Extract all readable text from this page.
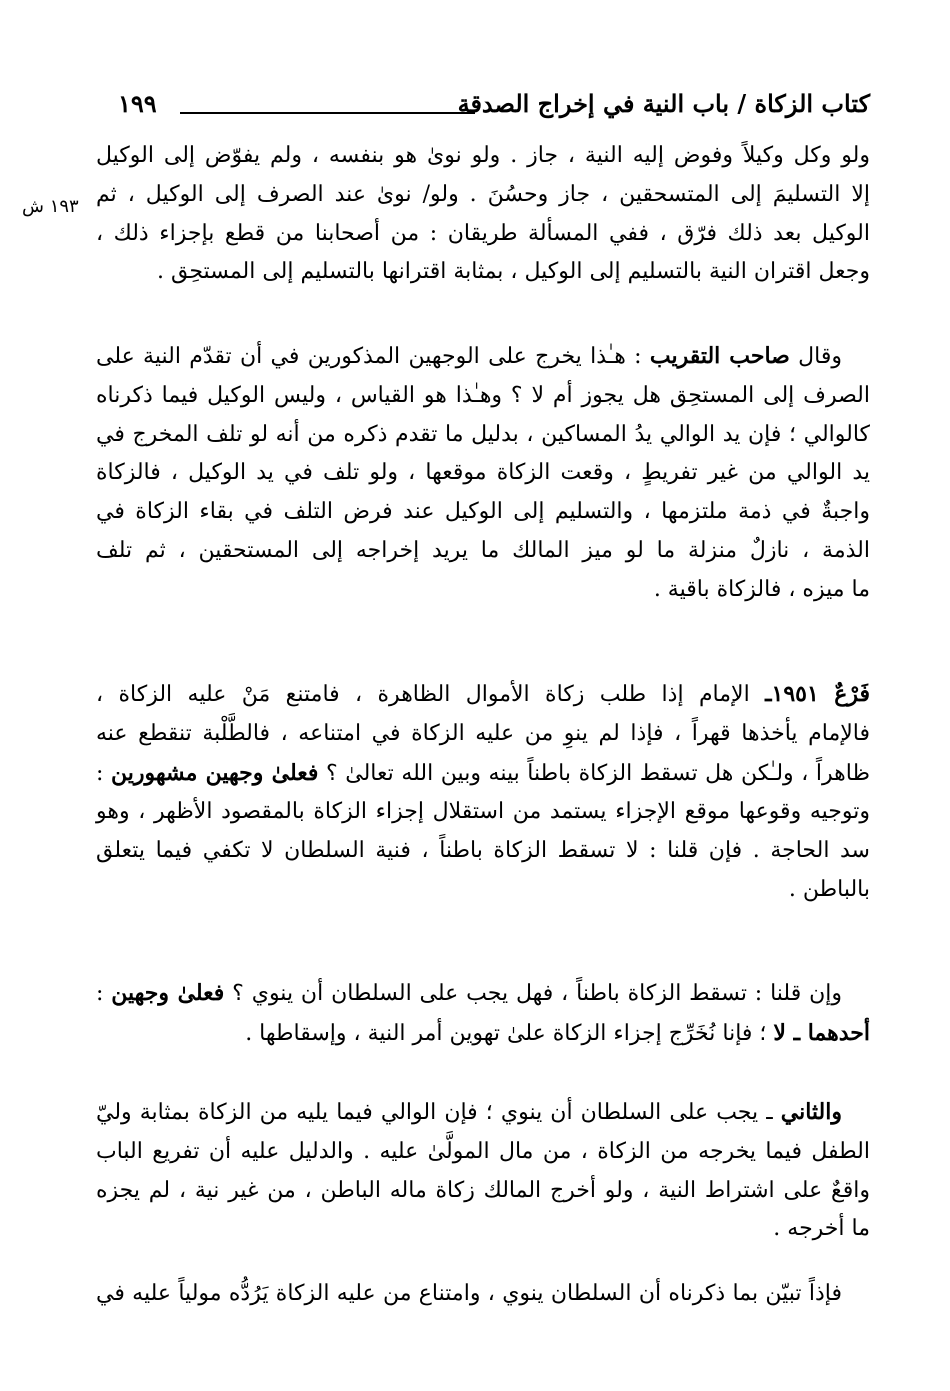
كتاب الزكاة / باب النية في إخراج الصدقة
١٩٩
١٩٣ ش
ولو وكل وكيلاً وفوض إليه النية ، جاز . ولو نوىٰ هو بنفسه ، ولم يفوّض إلى الوكيل
إلا التسليمَ إلى المتسحقين ، جاز وحسُنَ . ولو/ نوىٰ عند الصرف إلى الوكيل ، ثم
الوكيل بعد ذلك فرّق ، ففي المسألة طريقان : من أصحابنا من قطع بإجزاء ذلك ،
وجعل اقتران النية بالتسليم إلى الوكيل ، بمثابة اقترانها بالتسليم إلى المستحِق .
وقال صاحب التقريب : هـٰذا يخرج على الوجهين المذكورين في أن تقدّم النية على
الصرف إلى المستحِق هل يجوز أم لا ؟ وهـٰذا هو القياس ، وليس الوكيل فيما ذكرناه
كالوالي ؛ فإن يد الوالي يدُ المساكين ، بدليل ما تقدم ذكره من أنه لو تلف المخرج في
يد الوالي من غير تفريطٍ ، وقعت الزكاة موقعها ، ولو تلف في يد الوكيل ، فالزكاة
واجبةٌ في ذمة ملتزمها ، والتسليم إلى الوكيل عند فرض التلف في بقاء الزكاة في
الذمة ، نازلٌ منزلة ما لو ميز المالك ما يريد إخراجه إلى المستحقين ، ثم تلف
ما ميزه ، فالزكاة باقية .
فَرْعٌ ١٩٥١ـ الإمام إذا طلب زكاة الأموال الظاهرة ، فامتنع مَنْ عليه الزكاة ،
فالإمام يأخذها قهراً ، فإذا لم ينوِ من عليه الزكاة في امتناعه ، فالطَّلْبة تنقطع عنه
ظاهراً ، ولـٰكن هل تسقط الزكاة باطناً بينه وبين الله تعالىٰ ؟ فعلىٰ وجهين مشهورين :
وتوجيه وقوعها موقع الإجزاء يستمد من استقلال إجزاء الزكاة بالمقصود الأظهر ، وهو
سد الحاجة . فإن قلنا : لا تسقط الزكاة باطناً ، فنية السلطان لا تكفي فيما يتعلق
بالباطن .
وإن قلنا : تسقط الزكاة باطناً ، فهل يجب على السلطان أن ينوي ؟ فعلىٰ وجهين :
أحدهما ـ لا ؛ فإنا نُخَرِّج إجزاء الزكاة علىٰ تهوين أمر النية ، وإسقاطها .
والثاني ـ يجب على السلطان أن ينوي ؛ فإن الوالي فيما يليه من الزكاة بمثابة وليّ
الطفل فيما يخرجه من الزكاة ، من مال المولَّىٰ عليه . والدليل عليه أن تفريع الباب
واقعٌ على اشتراط النية ، ولو أخرج المالك زكاة ماله الباطن ، من غير نية ، لم يجزه
ما أخرجه .
فإذاً تبيّن بما ذكرناه أن السلطان ينوي ، وامتناع من عليه الزكاة يَرُدُّه مولياً عليه في
